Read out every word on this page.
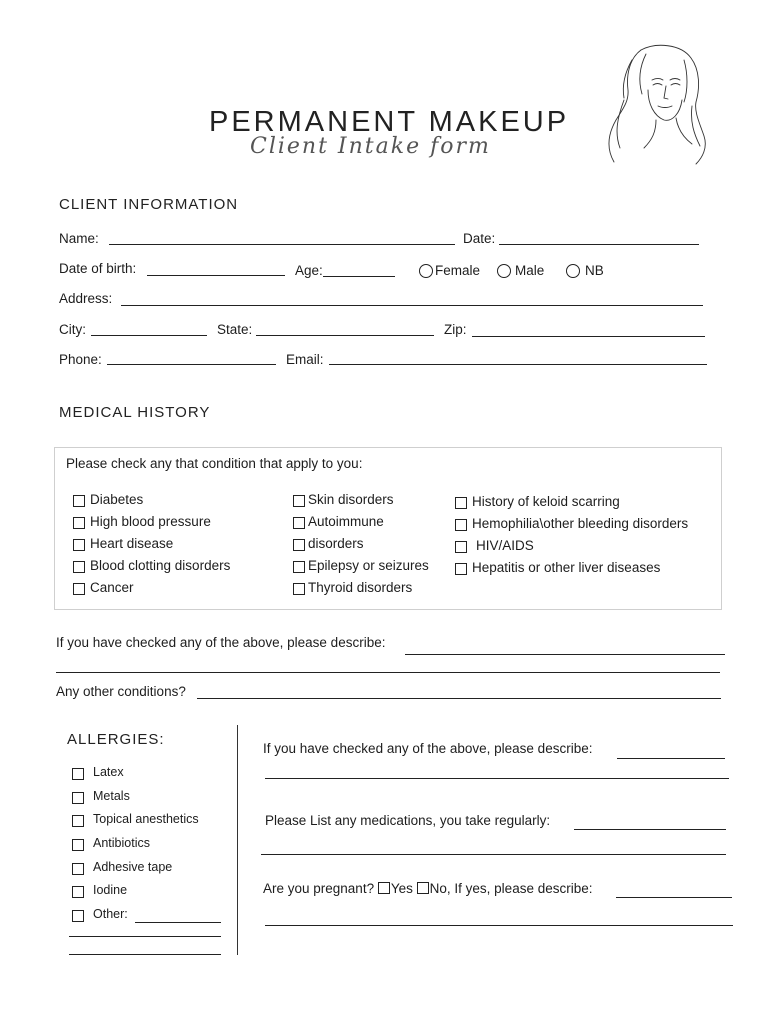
PERMANENT MAKEUP
Client Intake form
CLIENT INFORMATION
Name:	Date:
Date of birth:	Age:	Female	Male	NB
Address:
City:	State:	Zip:
Phone:	Email:
MEDICAL HISTORY
Please check any that condition that apply to you:
Diabetes
High blood pressure
Heart disease
Blood clotting disorders
Cancer
Skin disorders
Autoimmune
disorders
Epilepsy or seizures
Thyroid disorders
History of keloid scarring
Hemophilia\other bleeding disorders
HIV/AIDS
Hepatitis or other liver diseases
If you have checked any of the above, please describe:
Any other conditions?
ALLERGIES:
Latex
Metals
Topical anesthetics
Antibiotics
Adhesive tape
Iodine
Other:
If you have checked any of the above, please describe:
Please List any medications, you take regularly:
Are you pregnant? Yes No, If yes, please describe:
